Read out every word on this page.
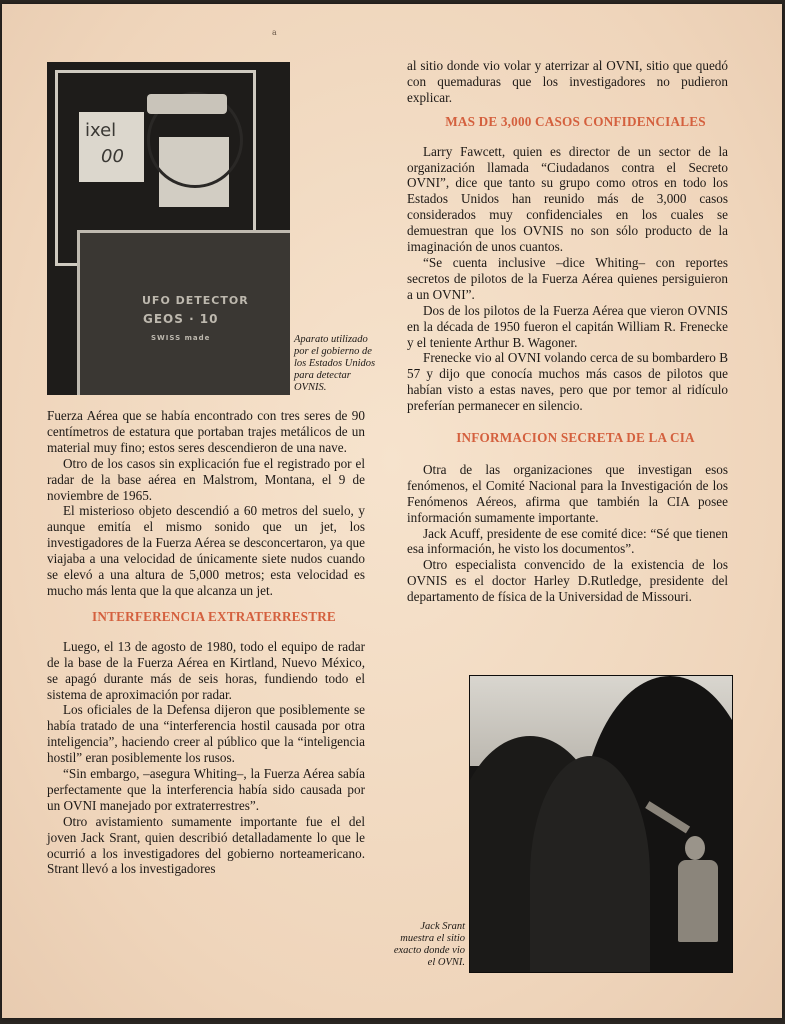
a
ixel
00
UFO DETECTOR
GEOS · 10
SWISS made	Aparato utilizado por el gobierno de los Estados Unidos para detectar OVNIS.

Fuerza Aérea que se había encontrado con tres seres de 90 centímetros de estatura que portaban trajes metálicos de un material muy fino; estos seres descendieron de una nave.

Otro de los casos sin explicación fue el registrado por el radar de la base aérea en Malstrom, Montana, el 9 de noviembre de 1965.

El misterioso objeto descendió a 60 metros del suelo, y aunque emitía el mismo sonido que un jet, los investigadores de la Fuerza Aérea se desconcertaron, ya que viajaba a una velocidad de únicamente siete nudos cuando se elevó a una altura de 5,000 metros; esta velocidad es mucho más lenta que la que alcanza un jet.

INTERFERENCIA EXTRATERRESTRE

Luego, el 13 de agosto de 1980, todo el equipo de radar de la base de la Fuerza Aérea en Kirtland, Nuevo México, se apagó durante más de seis horas, fundiendo todo el sistema de aproximación por radar.

Los oficiales de la Defensa dijeron que posiblemente se había tratado de una “interferencia hostil causada por otra inteligencia”, haciendo creer al público que la “inteligencia hostil” eran posiblemente los rusos.

“Sin embargo, –asegura Whiting–, la Fuerza Aérea sabía perfectamente que la interferencia había sido causada por un OVNI manejado por extraterrestres”.

Otro avistamiento sumamente importante fue el del joven Jack Srant, quien describió detalladamente lo que le ocurrió a los investigadores del gobierno norteamericano. Strant llevó a los investigadores

al sitio donde vio volar y aterrizar al OVNI, sitio que quedó con quemaduras que los investigadores no pudieron explicar.

MAS DE 3,000 CASOS CONFIDENCIALES

Larry Fawcett, quien es director de un sector de la organización llamada “Ciudadanos contra el Secreto OVNI”, dice que tanto su grupo como otros en todo los Estados Unidos han reunido más de 3,000 casos considerados muy confidenciales en los cuales se demuestran que los OVNIS no son sólo producto de la imaginación de unos cuantos.

“Se cuenta inclusive –dice Whiting– con reportes secretos de pilotos de la Fuerza Aérea quienes persiguieron a un OVNI”.

Dos de los pilotos de la Fuerza Aérea que vieron OVNIS en la década de 1950 fueron el capitán William R. Frenecke y el teniente Arthur B. Wagoner.

Frenecke vio al OVNI volando cerca de su bombardero B 57 y dijo que conocía muchos más casos de pilotos que habían visto a estas naves, pero que por temor al ridículo preferían permanecer en silencio.

INFORMACION SECRETA DE LA CIA

Otra de las organizaciones que investigan esos fenómenos, el Comité Nacional para la Investigación de los Fenómenos Aéreos, afirma que también la CIA posee información sumamente importante.

Jack Acuff, presidente de ese comité dice: “Sé que tienen esa información, he visto los documentos”.

Otro especialista convencido de la existencia de los OVNIS es el doctor Harley D.Rutledge, presidente del departamento de física de la Universidad de Missouri.

Jack Srant muestra el sitio exacto donde vio el OVNI.
